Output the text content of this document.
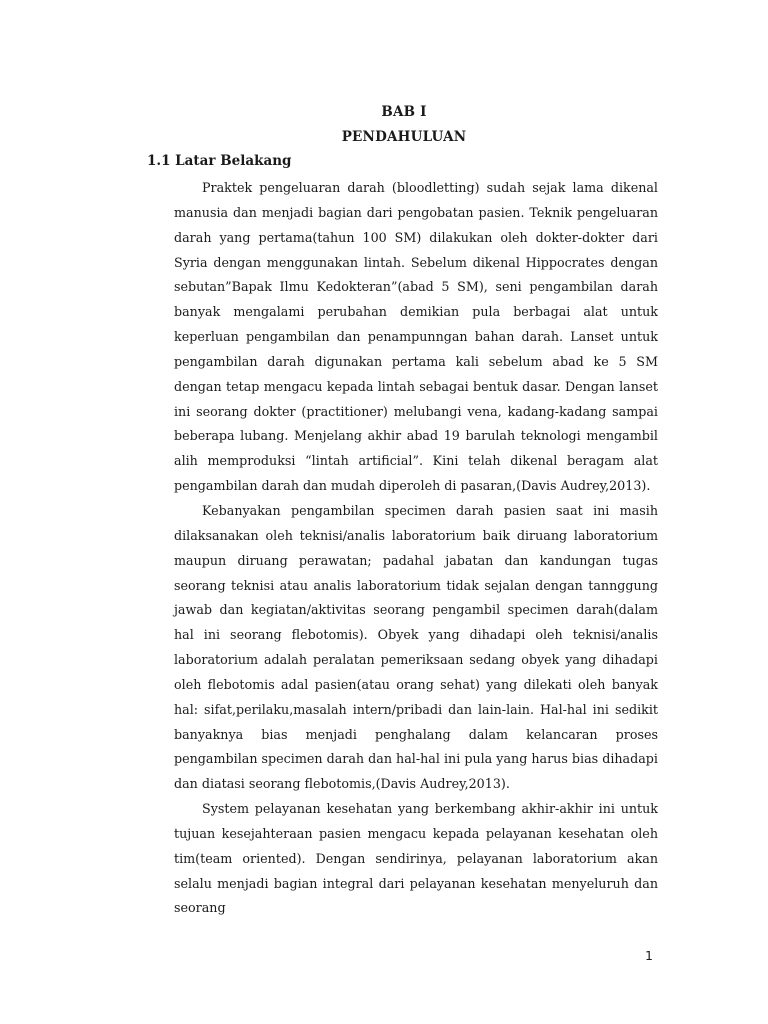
BAB I
PENDAHULUAN
1.1 Latar Belakang

Praktek pengeluaran darah (bloodletting) sudah sejak lama dikenal manusia dan menjadi bagian dari pengobatan pasien. Teknik pengeluaran darah yang pertama(tahun 100 SM) dilakukan oleh dokter-dokter dari Syria dengan menggunakan lintah. Sebelum dikenal Hippocrates dengan sebutan”Bapak Ilmu Kedokteran”(abad 5 SM), seni pengambilan darah banyak mengalami perubahan demikian pula berbagai alat untuk keperluan pengambilan dan penampunngan bahan darah. Lanset untuk pengambilan darah digunakan pertama kali sebelum abad ke 5 SM dengan tetap mengacu kepada lintah sebagai bentuk dasar. Dengan lanset ini seorang dokter (practitioner) melubangi vena, kadang-kadang sampai beberapa lubang. Menjelang akhir abad 19 barulah teknologi mengambil alih memproduksi “lintah artificial”. Kini telah dikenal beragam alat pengambilan darah dan mudah diperoleh di pasaran,(Davis Audrey,2013).

Kebanyakan pengambilan specimen darah pasien saat ini masih dilaksanakan oleh teknisi/analis laboratorium baik diruang laboratorium maupun diruang perawatan; padahal jabatan dan kandungan tugas seorang teknisi atau analis laboratorium tidak sejalan dengan tannggung jawab dan kegiatan/aktivitas seorang pengambil specimen darah(dalam hal ini seorang flebotomis). Obyek yang dihadapi oleh teknisi/analis laboratorium adalah peralatan pemeriksaan sedang obyek yang dihadapi oleh flebotomis adal pasien(atau orang sehat) yang dilekati oleh banyak hal: sifat,perilaku,masalah intern/pribadi dan lain-lain. Hal-hal ini sedikit banyaknya bias menjadi penghalang dalam kelancaran proses pengambilan specimen darah dan hal-hal ini pula yang harus bias dihadapi dan diatasi seorang flebotomis,(Davis Audrey,2013).

System pelayanan kesehatan yang berkembang akhir-akhir ini untuk tujuan kesejahteraan pasien mengacu kepada pelayanan kesehatan oleh tim(team oriented). Dengan sendirinya, pelayanan laboratorium akan selalu menjadi bagian integral dari pelayanan kesehatan menyeluruh dan seorang

1
